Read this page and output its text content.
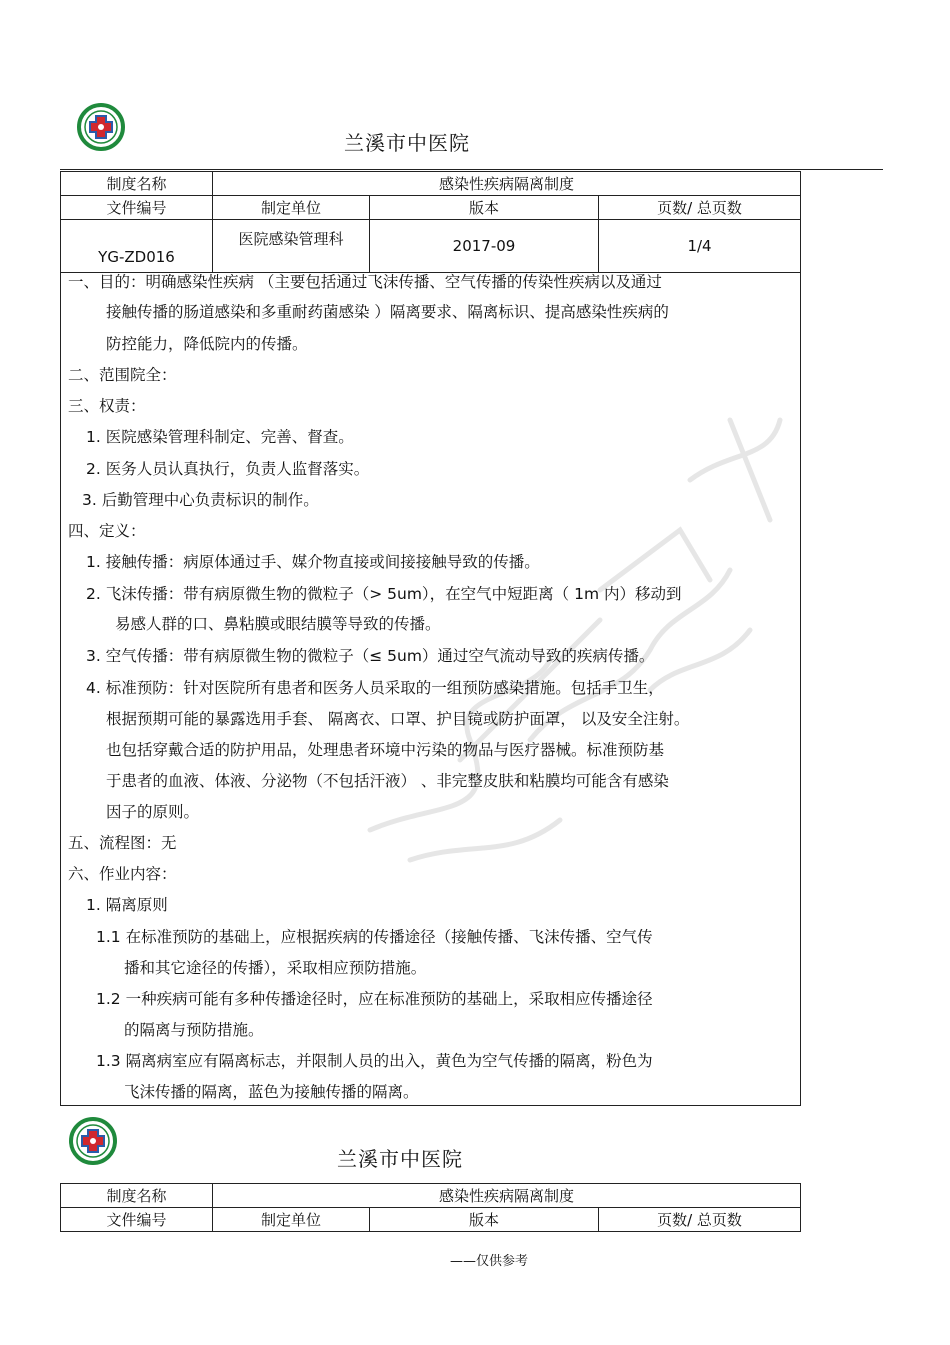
兰溪市中医院
制度名称	感染性疾病隔离制度		
文件编号	制定单位	版本	页数/ 总页数
YG-ZD016	医院感染管理科	2017-09	1/4
一、目的：明确感染性疾病 （主要包括通过飞沫传播、空气传播的传染性疾病以及通过
接触传播的肠道感染和多重耐药菌感染 ）隔离要求、隔离标识、提高感染性疾病的
防控能力，降低院内的传播。
二、范围院全：
三、权责：
1. 医院感染管理科制定、完善、督查。
2. 医务人员认真执行，负责人监督落实。
3. 后勤管理中心负责标识的制作。
四、定义：
1. 接触传播：病原体通过手、媒介物直接或间接接触导致的传播。
2. 飞沫传播：带有病原微生物的微粒子（> 5um），在空气中短距离（ 1m 内）移动到
易感人群的口、鼻粘膜或眼结膜等导致的传播。
3. 空气传播：带有病原微生物的微粒子（≤ 5um）通过空气流动导致的疾病传播。
4. 标准预防：针对医院所有患者和医务人员采取的一组预防感染措施。包括手卫生，
根据预期可能的暴露选用手套、 隔离衣、口罩、护目镜或防护面罩， 以及安全注射。
也包括穿戴合适的防护用品，处理患者环境中污染的物品与医疗器械。标准预防基
于患者的血液、体液、分泌物（不包括汗液） 、非完整皮肤和粘膜均可能含有感染
因子的原则。
五、流程图：无
六、作业内容：
1. 隔离原则
1.1 在标准预防的基础上，应根据疾病的传播途径（接触传播、飞沫传播、空气传
播和其它途径的传播），采取相应预防措施。
1.2 一种疾病可能有多种传播途径时，应在标准预防的基础上，采取相应传播途径
的隔离与预防措施。
1.3 隔离病室应有隔离标志，并限制人员的出入，黄色为空气传播的隔离，粉色为
飞沫传播的隔离，蓝色为接触传播的隔离。
兰溪市中医院
制度名称	感染性疾病隔离制度		
文件编号	制定单位	版本	页数/ 总页数
——仅供参考
